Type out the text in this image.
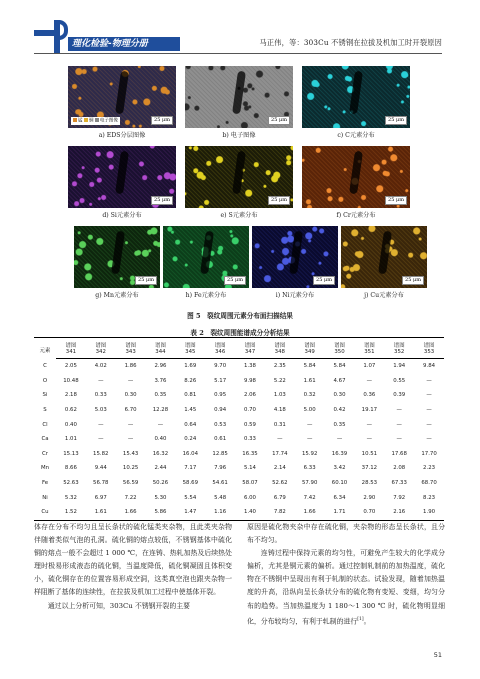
理化检验-物理分册	马正伟，等：303Cu 不锈钢在拉拔及机加工时开裂原因
25 μm
锰 铜 电子图像
a) EDS分层图像
25 μm
b) 电子图像
25 μm
c) C元素分布
25 μm
d) Si元素分布
25 μm
e) S元素分布
25 μm
f) Cr元素分布
25 μm
g) Mn元素分布
25 μm
h) Fe元素分布
25 μm
i) Ni元素分布
25 μm
j) Cu元素分布
图 5　裂纹周围元素分布面扫描结果
表 2　裂纹周围能谱成分分析结果
元素	谱图	谱图	谱图	谱图	谱图	谱图	谱图	谱图	谱图	谱图	谱图	谱图	谱图
	341	342	343	344	345	346	347	348	349	350	351	352	353
C	2.05	4.02	1.86	2.96	1.69	9.70	1.38	2.35	5.84	5.84	1.07	1.94	9.84
O	10.48	—	—	3.76	8.26	5.17	9.98	5.22	1.61	4.67	—	0.55	—
Si	2.18	0.33	0.30	0.35	0.81	0.95	2.06	1.03	0.32	0.30	0.36	0.39	—
S	0.62	5.03	6.70	12.28	1.45	0.94	0.70	4.18	5.00	0.42	19.17	—	—
Cl	0.40	—	—	—	0.64	0.53	0.59	0.31	—	0.35	—	—	—
Ca	1.01	—	—	0.40	0.24	0.61	0.33	—	—	—	—	—	—
Cr	15.13	15.82	15.43	16.32	16.04	12.85	16.35	17.74	15.92	16.39	10.51	17.68	17.70
Mn	8.66	9.44	10.25	2.44	7.17	7.96	5.14	2.14	6.33	3.42	37.12	2.08	2.23
Fe	52.63	56.78	56.59	50.26	58.69	54.61	58.07	52.62	57.90	60.10	28.53	67.33	68.70
Ni	5.32	6.97	7.22	5.30	5.54	5.48	6.00	6.79	7.42	6.34	2.90	7.92	8.23
Cu	1.52	1.61	1.66	5.86	1.47	1.16	1.40	7.82	1.66	1.71	0.70	2.16	1.90

体存在分布不均匀且呈长条状的硫化锰类夹杂物，且此类夹杂物伴随着类似气泡的孔洞。硫化铜的熔点较低，不锈钢基体中硫化铜的熔点一般不会超过 1 000 ℃，在连铸、热轧加热及后续热处理时极易形成液态的硫化铜，当温度降低，硫化铜凝固且体积变小，硫化铜存在的位置容易形成空洞，这类真空泡也跟夹杂物一样阻断了基体的连续性，在拉拔及机加工过程中使基体开裂。

通过以上分析可知，303Cu 不锈钢开裂的主要

原因是硫化物夹杂中存在硫化铜，夹杂物的形态呈长条状，且分布不均匀。

连铸过程中保持元素的均匀性，可避免产生较大的化学成分偏析，尤其是铜元素的偏析。通过控制轧制前的加热温度，硫化物在不锈钢中呈现出有利于轧制的状态。试验发现，随着加热温度的升高，沿纵向呈长条状分布的硫化物有变短、变细，均匀分布的趋势。当加热温度为 1 180～1 300 ℃ 时，硫化物明显细化，分布较均匀，有利于轧制的进行[1]。

51
